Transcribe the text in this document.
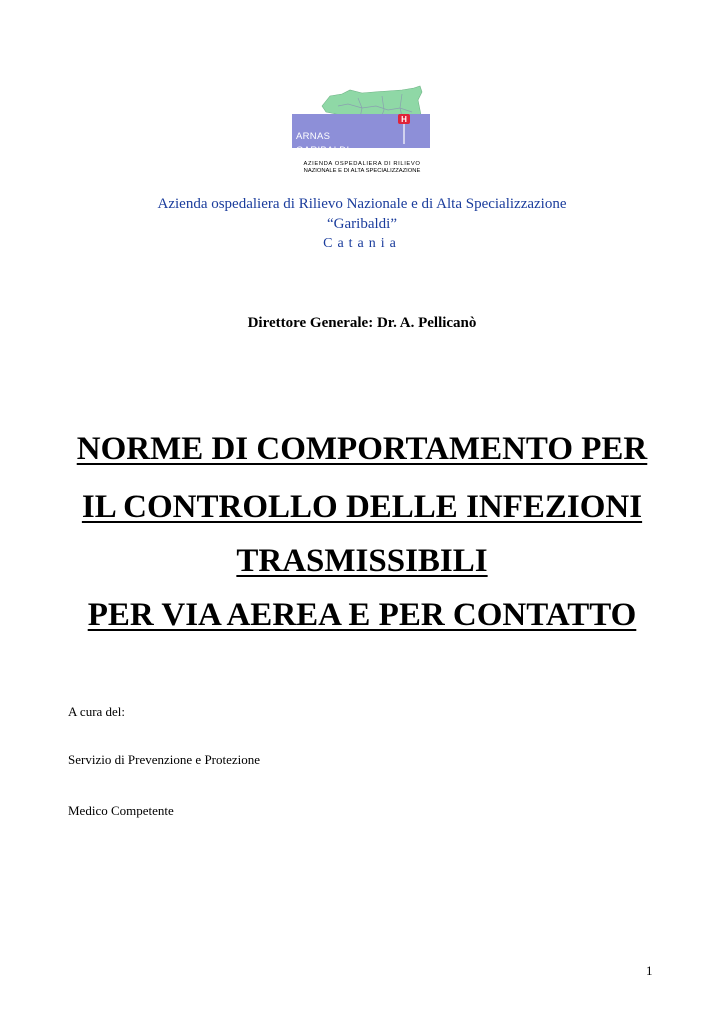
H
ARNAS
GARIBALDI	CATANIA
AZIENDA OSPEDALIERA DI RILIEVO
NAZIONALE E DI ALTA SPECIALIZZAZIONE
Azienda ospedaliera di Rilievo Nazionale e di Alta Specializzazione
“Garibaldi”
Catania
Direttore Generale: Dr. A. Pellicanò
NORME DI COMPORTAMENTO PER
IL CONTROLLO DELLE INFEZIONI
TRASMISSIBILI
PER VIA AEREA E PER CONTATTO
A cura del:
Servizio di Prevenzione e Protezione
Medico Competente
1
